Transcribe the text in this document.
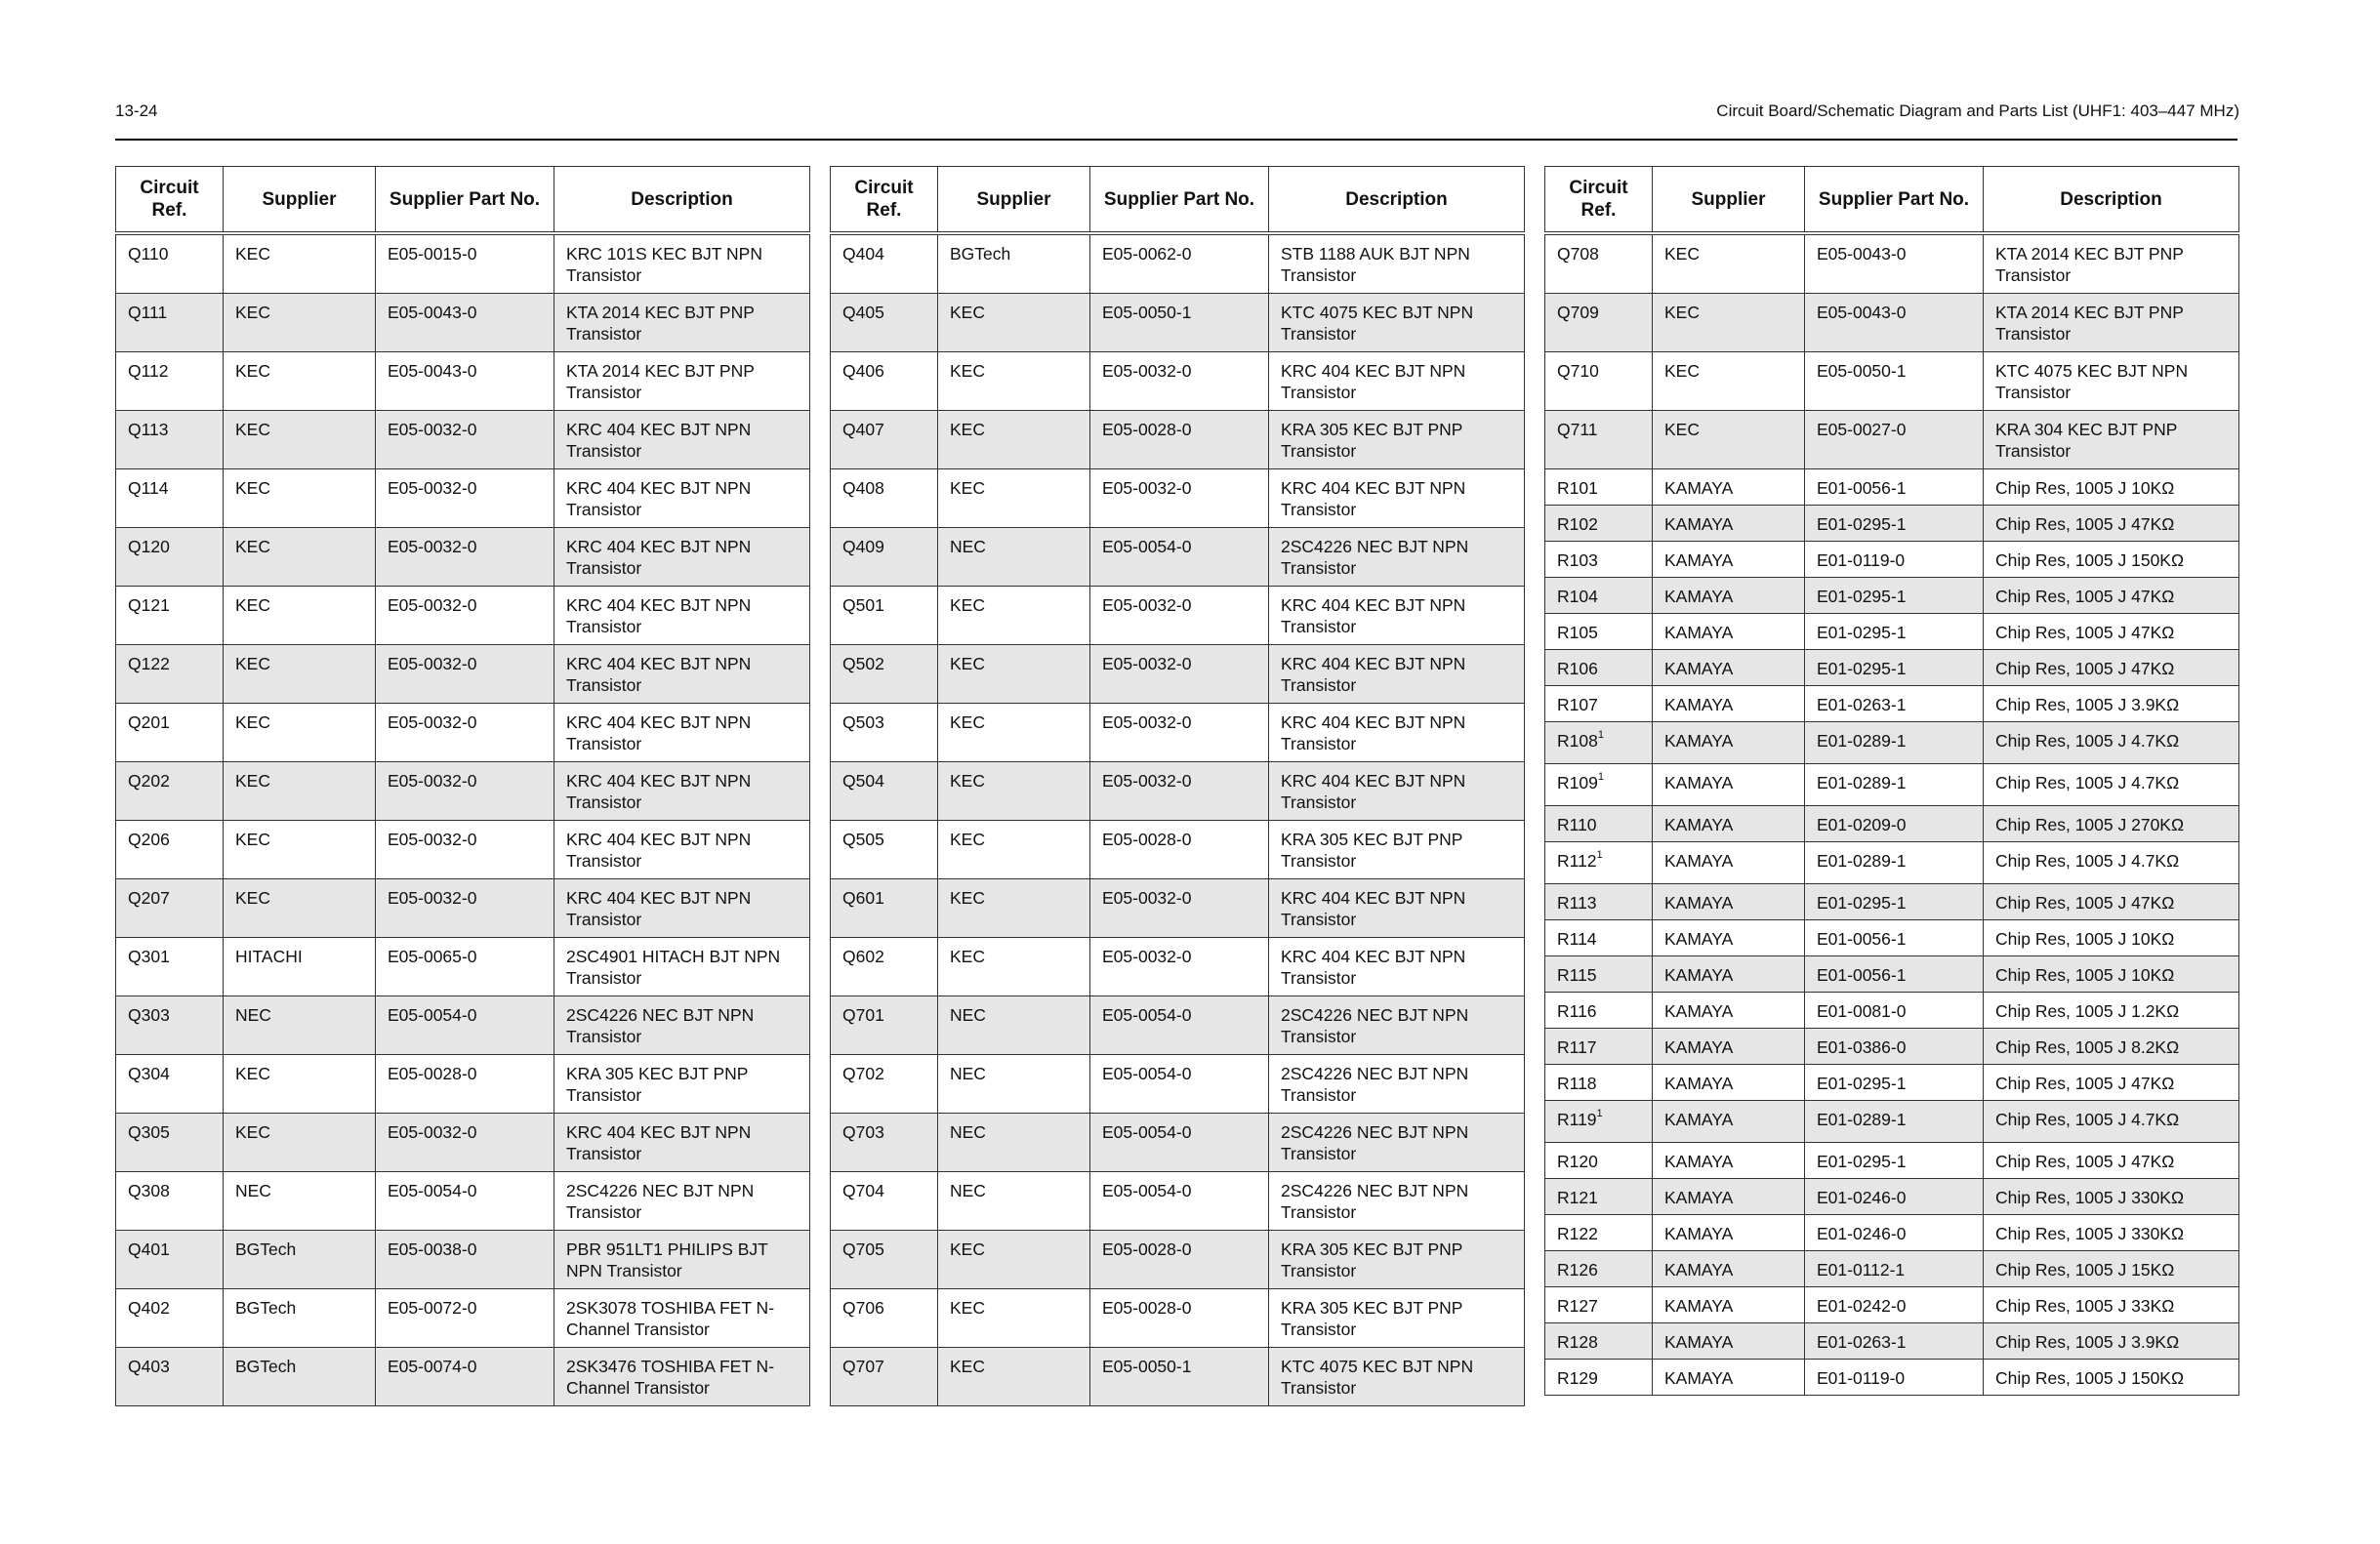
13-24	Circuit Board/Schematic Diagram and Parts List (UHF1: 403–447 MHz)
Circuit Ref.	Supplier	Supplier Part No.	Description
Q110	KEC	E05-0015-0	KRC 101S KEC BJT NPN Transistor
Q111	KEC	E05-0043-0	KTA 2014 KEC BJT PNP Transistor
Q112	KEC	E05-0043-0	KTA 2014 KEC BJT PNP Transistor
Q113	KEC	E05-0032-0	KRC 404 KEC BJT NPN Transistor
Q114	KEC	E05-0032-0	KRC 404 KEC BJT NPN Transistor
Q120	KEC	E05-0032-0	KRC 404 KEC BJT NPN Transistor
Q121	KEC	E05-0032-0	KRC 404 KEC BJT NPN Transistor
Q122	KEC	E05-0032-0	KRC 404 KEC BJT NPN Transistor
Q201	KEC	E05-0032-0	KRC 404 KEC BJT NPN Transistor
Q202	KEC	E05-0032-0	KRC 404 KEC BJT NPN Transistor
Q206	KEC	E05-0032-0	KRC 404 KEC BJT NPN Transistor
Q207	KEC	E05-0032-0	KRC 404 KEC BJT NPN Transistor
Q301	HITACHI	E05-0065-0	2SC4901 HITACH BJT NPN Transistor
Q303	NEC	E05-0054-0	2SC4226 NEC BJT NPN Transistor
Q304	KEC	E05-0028-0	KRA 305 KEC BJT PNP Transistor
Q305	KEC	E05-0032-0	KRC 404 KEC BJT NPN Transistor
Q308	NEC	E05-0054-0	2SC4226 NEC BJT NPN Transistor
Q401	BGTech	E05-0038-0	PBR 951LT1 PHILIPS BJT NPN Transistor
Q402	BGTech	E05-0072-0	2SK3078 TOSHIBA FET N-Channel Transistor
Q403	BGTech	E05-0074-0	2SK3476 TOSHIBA FET N-Channel Transistor
Circuit Ref.	Supplier	Supplier Part No.	Description
Q404	BGTech	E05-0062-0	STB 1188 AUK BJT NPN Transistor
Q405	KEC	E05-0050-1	KTC 4075 KEC BJT NPN Transistor
Q406	KEC	E05-0032-0	KRC 404 KEC BJT NPN Transistor
Q407	KEC	E05-0028-0	KRA 305 KEC BJT PNP Transistor
Q408	KEC	E05-0032-0	KRC 404 KEC BJT NPN Transistor
Q409	NEC	E05-0054-0	2SC4226 NEC BJT NPN Transistor
Q501	KEC	E05-0032-0	KRC 404 KEC BJT NPN Transistor
Q502	KEC	E05-0032-0	KRC 404 KEC BJT NPN Transistor
Q503	KEC	E05-0032-0	KRC 404 KEC BJT NPN Transistor
Q504	KEC	E05-0032-0	KRC 404 KEC BJT NPN Transistor
Q505	KEC	E05-0028-0	KRA 305 KEC BJT PNP Transistor
Q601	KEC	E05-0032-0	KRC 404 KEC BJT NPN Transistor
Q602	KEC	E05-0032-0	KRC 404 KEC BJT NPN Transistor
Q701	NEC	E05-0054-0	2SC4226 NEC BJT NPN Transistor
Q702	NEC	E05-0054-0	2SC4226 NEC BJT NPN Transistor
Q703	NEC	E05-0054-0	2SC4226 NEC BJT NPN Transistor
Q704	NEC	E05-0054-0	2SC4226 NEC BJT NPN Transistor
Q705	KEC	E05-0028-0	KRA 305 KEC BJT PNP Transistor
Q706	KEC	E05-0028-0	KRA 305 KEC BJT PNP Transistor
Q707	KEC	E05-0050-1	KTC 4075 KEC BJT NPN Transistor
Circuit Ref.	Supplier	Supplier Part No.	Description
Q708	KEC	E05-0043-0	KTA 2014 KEC BJT PNP Transistor
Q709	KEC	E05-0043-0	KTA 2014 KEC BJT PNP Transistor
Q710	KEC	E05-0050-1	KTC 4075 KEC BJT NPN Transistor
Q711	KEC	E05-0027-0	KRA 304 KEC BJT PNP Transistor
R101	KAMAYA	E01-0056-1	Chip Res, 1005 J 10KΩ
R102	KAMAYA	E01-0295-1	Chip Res, 1005 J 47KΩ
R103	KAMAYA	E01-0119-0	Chip Res, 1005 J 150KΩ
R104	KAMAYA	E01-0295-1	Chip Res, 1005 J 47KΩ
R105	KAMAYA	E01-0295-1	Chip Res, 1005 J 47KΩ
R106	KAMAYA	E01-0295-1	Chip Res, 1005 J 47KΩ
R107	KAMAYA	E01-0263-1	Chip Res, 1005 J 3.9KΩ
$R108^1$	KAMAYA	E01-0289-1	Chip Res, 1005 J 4.7KΩ
$R109^1$	KAMAYA	E01-0289-1	Chip Res, 1005 J 4.7KΩ
R110	KAMAYA	E01-0209-0	Chip Res, 1005 J 270KΩ
$R112^1$	KAMAYA	E01-0289-1	Chip Res, 1005 J 4.7KΩ
R113	KAMAYA	E01-0295-1	Chip Res, 1005 J 47KΩ
R114	KAMAYA	E01-0056-1	Chip Res, 1005 J 10KΩ
R115	KAMAYA	E01-0056-1	Chip Res, 1005 J 10KΩ
R116	KAMAYA	E01-0081-0	Chip Res, 1005 J 1.2KΩ
R117	KAMAYA	E01-0386-0	Chip Res, 1005 J 8.2KΩ
R118	KAMAYA	E01-0295-1	Chip Res, 1005 J 47KΩ
$R119^1$	KAMAYA	E01-0289-1	Chip Res, 1005 J 4.7KΩ
R120	KAMAYA	E01-0295-1	Chip Res, 1005 J 47KΩ
R121	KAMAYA	E01-0246-0	Chip Res, 1005 J 330KΩ
R122	KAMAYA	E01-0246-0	Chip Res, 1005 J 330KΩ
R126	KAMAYA	E01-0112-1	Chip Res, 1005 J 15KΩ
R127	KAMAYA	E01-0242-0	Chip Res, 1005 J 33KΩ
R128	KAMAYA	E01-0263-1	Chip Res, 1005 J 3.9KΩ
R129	KAMAYA	E01-0119-0	Chip Res, 1005 J 150KΩ
